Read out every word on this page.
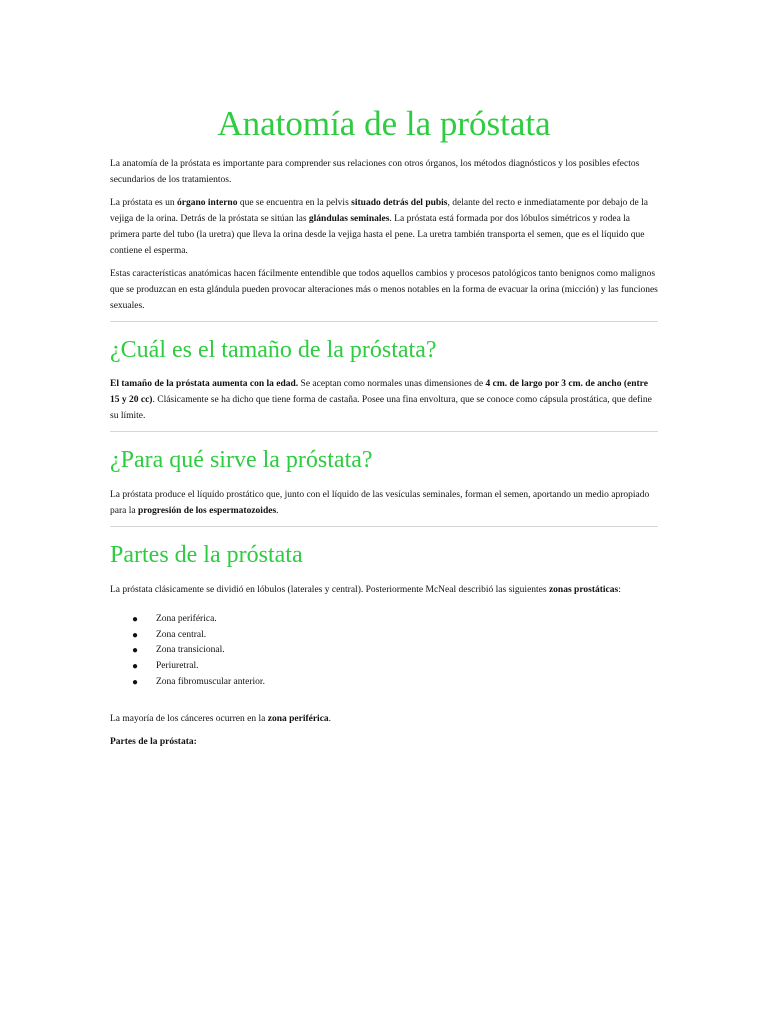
Anatomía de la próstata

La anatomía de la próstata es importante para comprender sus relaciones con otros órganos, los métodos diagnósticos y los posibles efectos secundarios de los tratamientos.

La próstata es un órgano interno que se encuentra en la pelvis situado detrás del pubis, delante del recto e inmediatamente por debajo de la vejiga de la orina. Detrás de la próstata se sitúan las glándulas seminales. La próstata está formada por dos lóbulos simétricos y rodea la primera parte del tubo (la uretra) que lleva la orina desde la vejiga hasta el pene. La uretra también transporta el semen, que es el líquido que contiene el esperma.

Estas características anatómicas hacen fácilmente entendible que todos aquellos cambios y procesos patológicos tanto benignos como malignos que se produzcan en esta glándula pueden provocar alteraciones más o menos notables en la forma de evacuar la orina (micción) y las funciones sexuales.

¿Cuál es el tamaño de la próstata?

El tamaño de la próstata aumenta con la edad. Se aceptan como normales unas dimensiones de 4 cm. de largo por 3 cm. de ancho (entre 15 y 20 cc). Clásicamente se ha dicho que tiene forma de castaña. Posee una fina envoltura, que se conoce como cápsula prostática, que define su límite.

¿Para qué sirve la próstata?

La próstata produce el líquido prostático que, junto con el líquido de las vesículas seminales, forman el semen, aportando un medio apropiado para la progresión de los espermatozoides.

Partes de la próstata

La próstata clásicamente se dividió en lóbulos (laterales y central). Posteriormente McNeal describió las siguientes zonas prostáticas:

● Zona periférica.
● Zona central.
● Zona transicional.
● Periuretral.
● Zona fibromuscular anterior.

La mayoría de los cánceres ocurren en la zona periférica.

Partes de la próstata:
